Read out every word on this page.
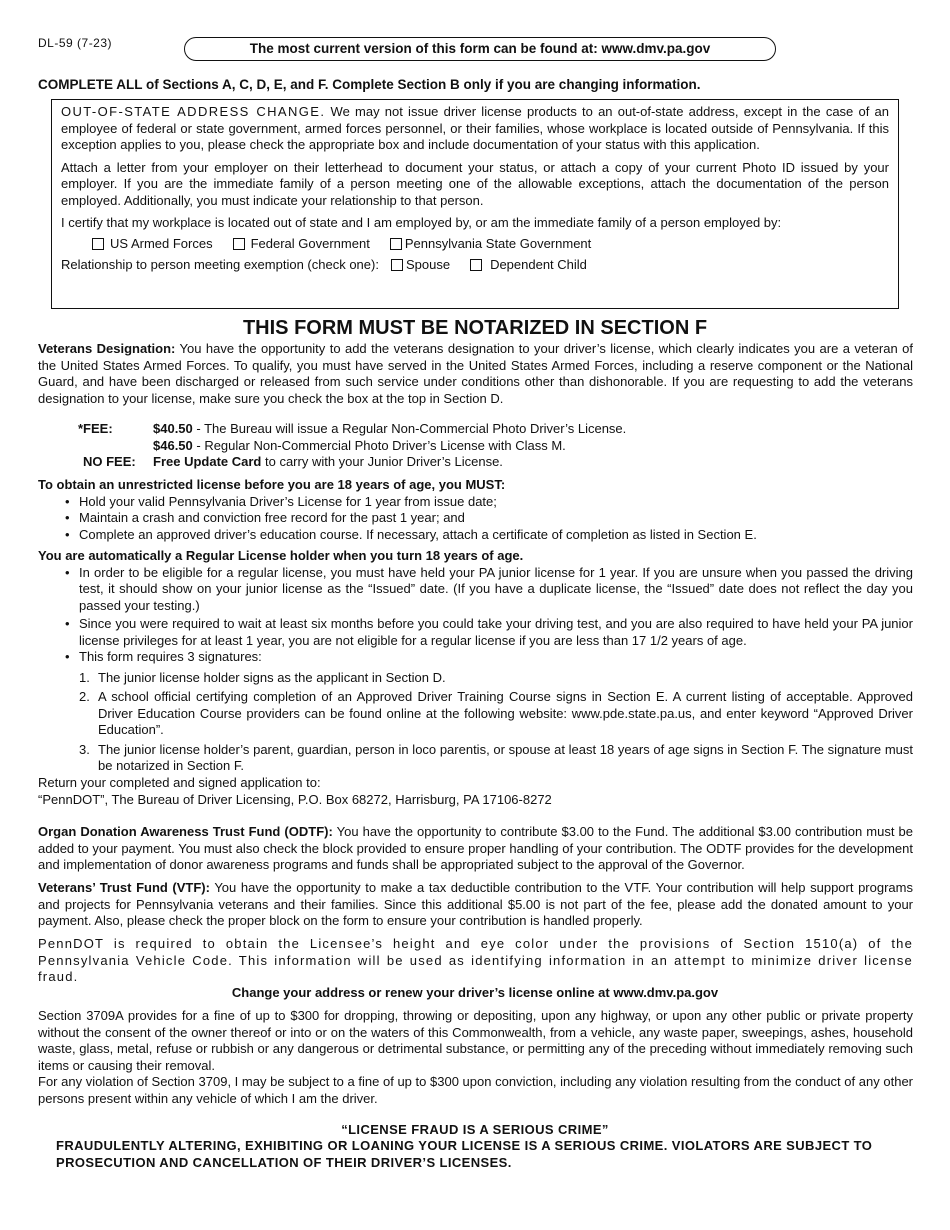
DL-59 (7-23)	The most current version of this form can be found at: www.dmv.pa.gov
COMPLETE ALL of Sections A, C, D, E, and F. Complete Section B only if you are changing information.

OUT-OF-STATE ADDRESS CHANGE. We may not issue driver license products to an out-of-state address, except in the case of an employee of federal or state government, armed forces personnel, or their families, whose workplace is located outside of Pennsylvania. If this exception applies to you, please check the appropriate box and include documentation of your status with this application.

Attach a letter from your employer on their letterhead to document your status, or attach a copy of your current Photo ID issued by your employer. If you are the immediate family of a person meeting one of the allowable exceptions, attach the documentation of the person employed. Additionally, you must indicate your relationship to that person.

I certify that my workplace is located out of state and I am employed by, or am the immediate family of a person employed by:

US Armed Forces	Federal Government	Pennsylvania State Government
Relationship to person meeting exemption (check one): Spouse	Dependent Child
THIS FORM MUST BE NOTARIZED IN SECTION F

Veterans Designation: You have the opportunity to add the veterans designation to your driver’s license, which clearly indicates you are a veteran of the United States Armed Forces. To qualify, you must have served in the United States Armed Forces, including a reserve component or the National Guard, and have been discharged or released from such service under conditions other than dishonorable. If you are requesting to add the veterans designation to your license, make sure you check the box at the top in Section D.

*FEE:	$40.50 - The Bureau will issue a Regular Non-Commercial Photo Driver’s License.
$46.50 - Regular Non-Commercial Photo Driver’s License with Class M.
NO FEE:	Free Update Card to carry with your Junior Driver’s License.

To obtain an unrestricted license before you are 18 years of age, you MUST:

• Hold your valid Pennsylvania Driver’s License for 1 year from issue date;
• Maintain a crash and conviction free record for the past 1 year; and
• Complete an approved driver’s education course. If necessary, attach a certificate of completion as listed in Section E.

You are automatically a Regular License holder when you turn 18 years of age.

• In order to be eligible for a regular license, you must have held your PA junior license for 1 year. If you are unsure when you passed the driving test, it should show on your junior license as the “Issued” date. (If you have a duplicate license, the “Issued” date does not reflect the day you passed your testing.)
• Since you were required to wait at least six months before you could take your driving test, and you are also required to have held your PA junior license privileges for at least 1 year, you are not eligible for a regular license if you are less than 17 1/2 years of age.
• This form requires 3 signatures:
1. The junior license holder signs as the applicant in Section D.
2. A school official certifying completion of an Approved Driver Training Course signs in Section E. A current listing of acceptable. Approved Driver Education Course providers can be found online at the following website: www.pde.state.pa.us, and enter keyword “Approved Driver Education”.
3. The junior license holder’s parent, guardian, person in loco parentis, or spouse at least 18 years of age signs in Section F. The signature must be notarized in Section F.

Return your completed and signed application to:

“PennDOT”, The Bureau of Driver Licensing, P.O. Box 68272, Harrisburg, PA 17106-8272

Organ Donation Awareness Trust Fund (ODTF): You have the opportunity to contribute $3.00 to the Fund. The additional $3.00 contribution must be added to your payment. You must also check the block provided to ensure proper handling of your contribution. The ODTF provides for the development and implementation of donor awareness programs and funds shall be appropriated subject to the approval of the Governor.

Veterans’ Trust Fund (VTF): You have the opportunity to make a tax deductible contribution to the VTF. Your contribution will help support programs and projects for Pennsylvania veterans and their families. Since this additional $5.00 is not part of the fee, please add the donated amount to your payment. Also, please check the proper block on the form to ensure your contribution is handled properly.

PennDOT is required to obtain the Licensee’s height and eye color under the provisions of Section 1510(a) of the Pennsylvania Vehicle Code. This information will be used as identifying information in an attempt to minimize driver license fraud.

Change your address or renew your driver’s license online at www.dmv.pa.gov

Section 3709A provides for a fine of up to $300 for dropping, throwing or depositing, upon any highway, or upon any other public or private property without the consent of the owner thereof or into or on the waters of this Commonwealth, from a vehicle, any waste paper, sweepings, ashes, household waste, glass, metal, refuse or rubbish or any dangerous or detrimental substance, or permitting any of the preceding without immediately removing such items or causing their removal.

For any violation of Section 3709, I may be subject to a fine of up to $300 upon conviction, including any violation resulting from the conduct of any other persons present within any vehicle of which I am the driver.

“LICENSE FRAUD IS A SERIOUS CRIME”
FRAUDULENTLY ALTERING, EXHIBITING OR LOANING YOUR LICENSE IS A SERIOUS CRIME. VIOLATORS ARE SUBJECT TO PROSECUTION AND CANCELLATION OF THEIR DRIVER’S LICENSES.
